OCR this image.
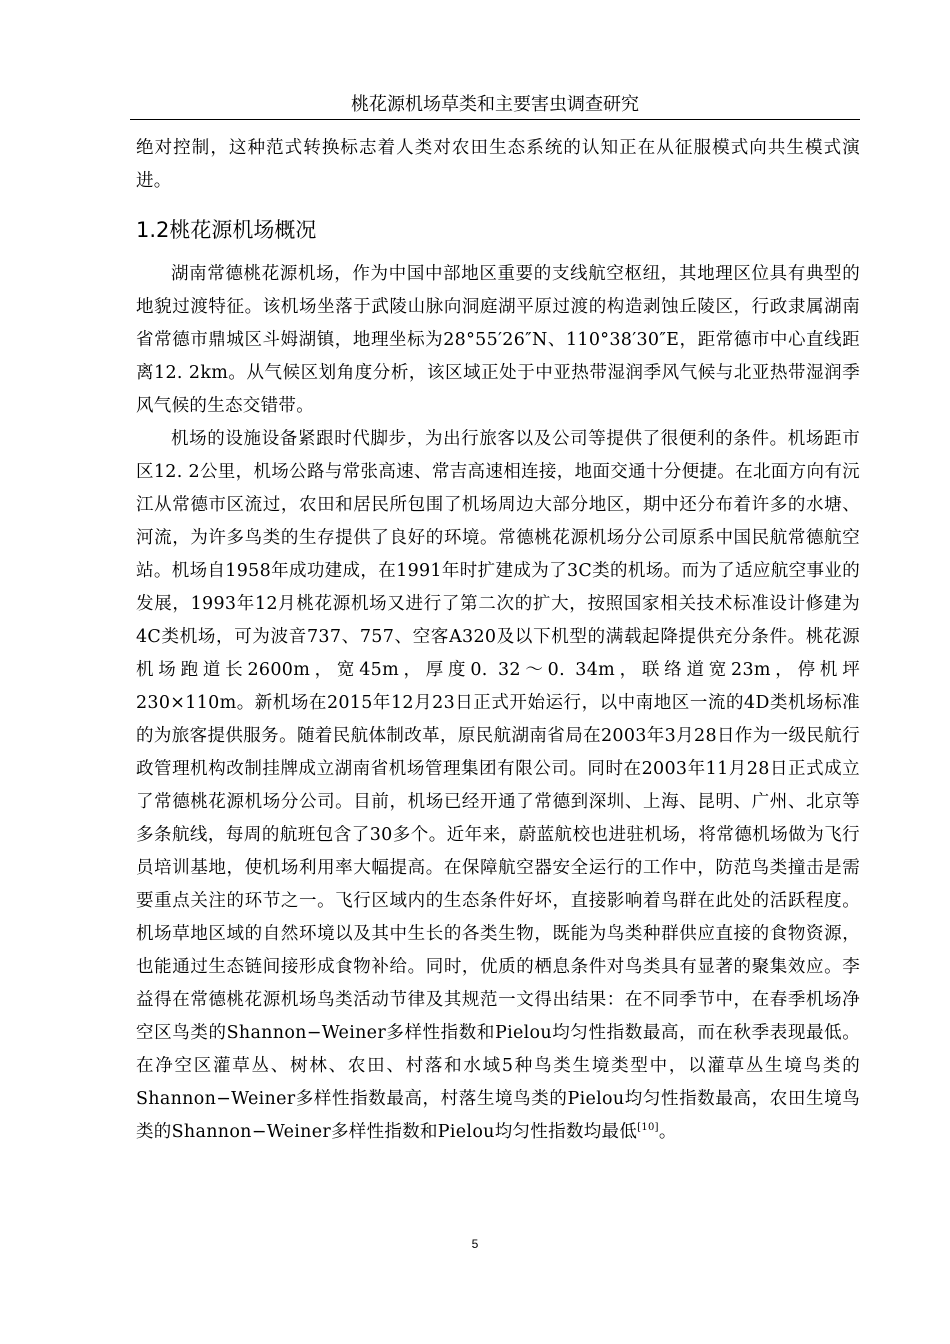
桃花源机场草类和主要害虫调查研究

绝对控制，这种范式转换标志着人类对农田生态系统的认知正在从征服模式向共生模式演进。

1.2桃花源机场概况

湖南常德桃花源机场，作为中国中部地区重要的支线航空枢纽，其地理区位具有典型的地貌过渡特征。该机场坐落于武陵山脉向洞庭湖平原过渡的构造剥蚀丘陵区，行政隶属湖南省常德市鼎城区斗姆湖镇，地理坐标为28°55′26″N、110°38′30″E，距常德市中心直线距离12. 2km。从气候区划角度分析，该区域正处于中亚热带湿润季风气候与北亚热带湿润季风气候的生态交错带。

机场的设施设备紧跟时代脚步，为出行旅客以及公司等提供了很便利的条件。机场距市区12. 2公里，机场公路与常张高速、常吉高速相连接，地面交通十分便捷。在北面方向有沅江从常德市区流过，农田和居民所包围了机场周边大部分地区，期中还分布着许多的水塘、河流，为许多鸟类的生存提供了良好的环境。常德桃花源机场分公司原系中国民航常德航空站。机场自1958年成功建成，在1991年时扩建成为了3C类的机场。而为了适应航空事业的发展，1993年12月桃花源机场又进行了第二次的扩大，按照国家相关技术标准设计修建为4C类机场，可为波音737、757、空客A320及以下机型的满载起降提供充分条件。桃花源机场跑道长2600m，宽45m，厚度0. 32～0. 34m，联络道宽23m，停机坪230×110m。新机场在2015年12月23日正式开始运行，以中南地区一流的4D类机场标准的为旅客提供服务。随着民航体制改革，原民航湖南省局在2003年3月28日作为一级民航行政管理机构改制挂牌成立湖南省机场管理集团有限公司。同时在2003年11月28日正式成立了常德桃花源机场分公司。目前，机场已经开通了常德到深圳、上海、昆明、广州、北京等多条航线，每周的航班包含了30多个。近年来，蔚蓝航校也进驻机场，将常德机场做为飞行员培训基地，使机场利用率大幅提高。在保障航空器安全运行的工作中，防范鸟类撞击是需要重点关注的环节之一。飞行区域内的生态条件好坏，直接影响着鸟群在此处的活跃程度。机场草地区域的自然环境以及其中生长的各类生物，既能为鸟类种群供应直接的食物资源，也能通过生态链间接形成食物补给。同时，优质的栖息条件对鸟类具有显著的聚集效应。李益得在常德桃花源机场鸟类活动节律及其规范一文得出结果：在不同季节中，在春季机场净空区鸟类的Shannon−Weiner多样性指数和Pielou均匀性指数最高，而在秋季表现最低。在净空区灌草丛、树林、农田、村落和水域5种鸟类生境类型中，以灌草丛生境鸟类的Shannon−Weiner多样性指数最高，村落生境鸟类的Pielou均匀性指数最高，农田生境鸟类的Shannon−Weiner多样性指数和Pielou均匀性指数均最低[10]。

5
